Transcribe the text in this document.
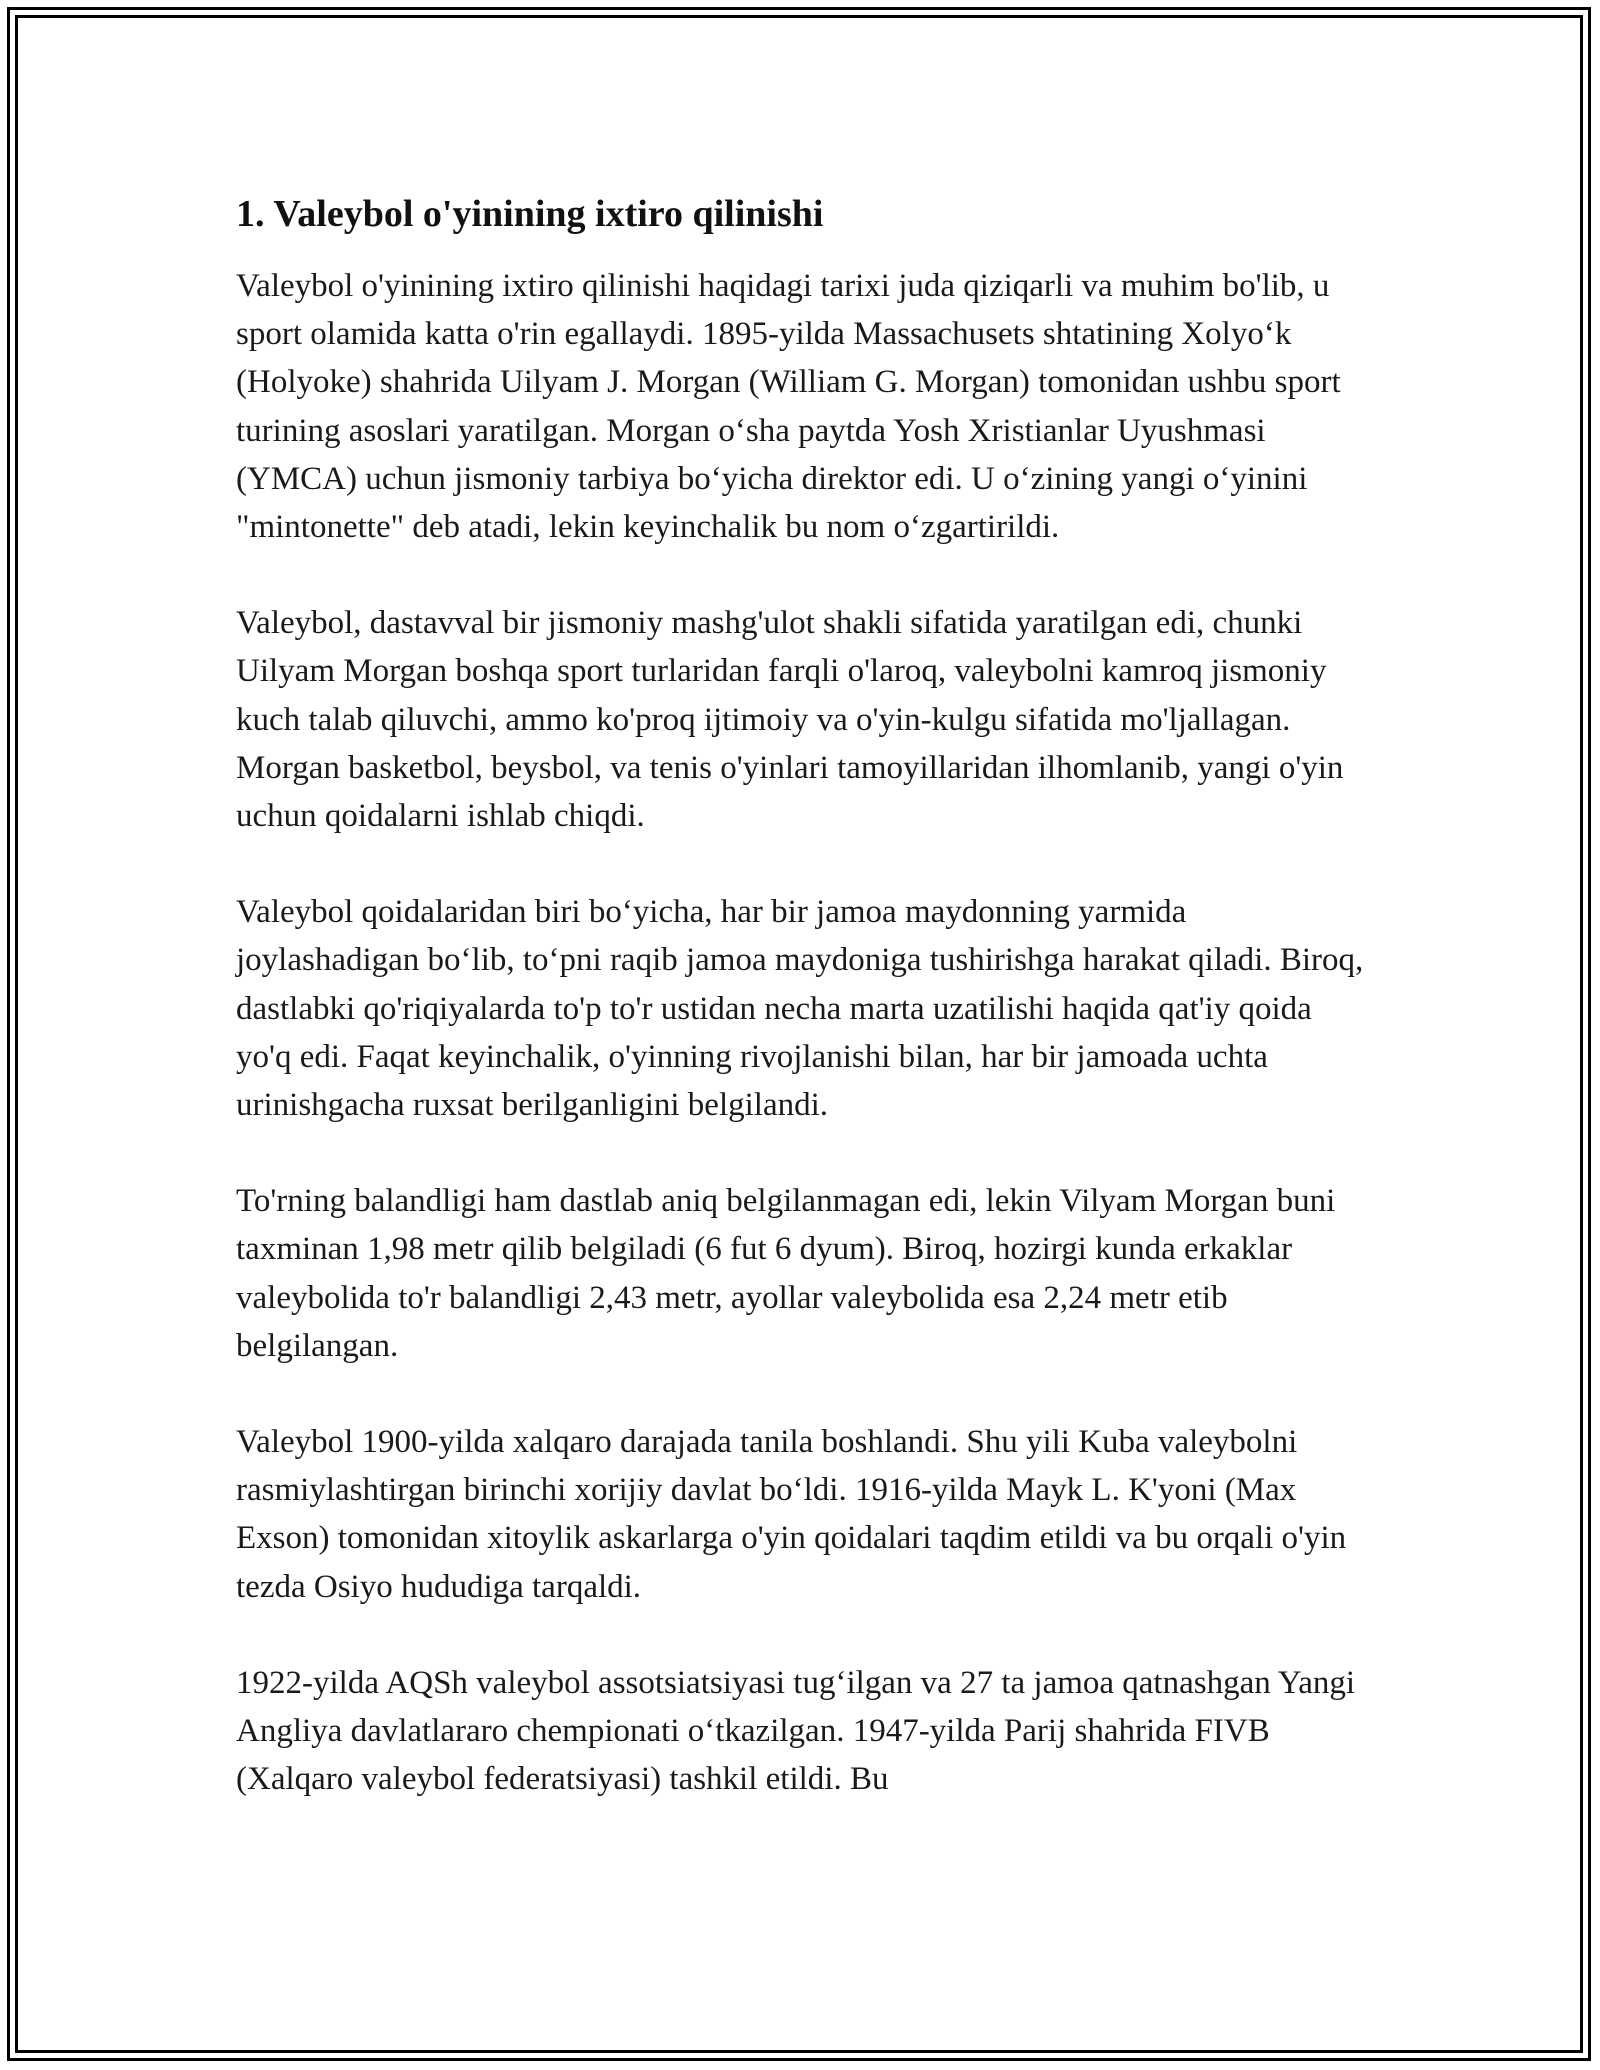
1. Valeybol o'yinining ixtiro qilinishi

Valeybol o'yinining ixtiro qilinishi haqidagi tarixi juda qiziqarli va muhim bo'lib, u sport olamida katta o'rin egallaydi. 1895-yilda Massachusets shtatining Xolyo‘k (Holyoke) shahrida Uilyam J. Morgan (William G. Morgan) tomonidan ushbu sport turining asoslari yaratilgan. Morgan o‘sha paytda Yosh Xristianlar Uyushmasi (YMCA) uchun jismoniy tarbiya bo‘yicha direktor edi. U o‘zining yangi o‘yinini "mintonette" deb atadi, lekin keyinchalik bu nom o‘zgartirildi.

Valeybol, dastavval bir jismoniy mashg'ulot shakli sifatida yaratilgan edi, chunki Uilyam Morgan boshqa sport turlaridan farqli o'laroq, valeybolni kamroq jismoniy kuch talab qiluvchi, ammo ko'proq ijtimoiy va o'yin-kulgu sifatida mo'ljallagan. Morgan basketbol, beysbol, va tenis o'yinlari tamoyillaridan ilhomlanib, yangi o'yin uchun qoidalarni ishlab chiqdi.

Valeybol qoidalaridan biri bo‘yicha, har bir jamoa maydonning yarmida joylashadigan bo‘lib, to‘pni raqib jamoa maydoniga tushirishga harakat qiladi. Biroq, dastlabki qo'riqiyalarda to'p to'r ustidan necha marta uzatilishi haqida qat'iy qoida yo'q edi. Faqat keyinchalik, o'yinning rivojlanishi bilan, har bir jamoada uchta urinishgacha ruxsat berilganligini belgilandi.

To'rning balandligi ham dastlab aniq belgilanmagan edi, lekin Vilyam Morgan buni taxminan 1,98 metr qilib belgiladi (6 fut 6 dyum). Biroq, hozirgi kunda erkaklar valeybolida to'r balandligi 2,43 metr, ayollar valeybolida esa 2,24 metr etib belgilangan.

Valeybol 1900-yilda xalqaro darajada tanila boshlandi. Shu yili Kuba valeybolni rasmiylashtirgan birinchi xorijiy davlat bo‘ldi. 1916-yilda Mayk L. K'yoni (Max Exson) tomonidan xitoylik askarlarga o'yin qoidalari taqdim etildi va bu orqali o'yin tezda Osiyo hududiga tarqaldi.

1922-yilda AQSh valeybol assotsiatsiyasi tug‘ilgan va 27 ta jamoa qatnashgan Yangi Angliya davlatlararo chempionati o‘tkazilgan. 1947-yilda Parij shahrida FIVB (Xalqaro valeybol federatsiyasi) tashkil etildi. Bu
